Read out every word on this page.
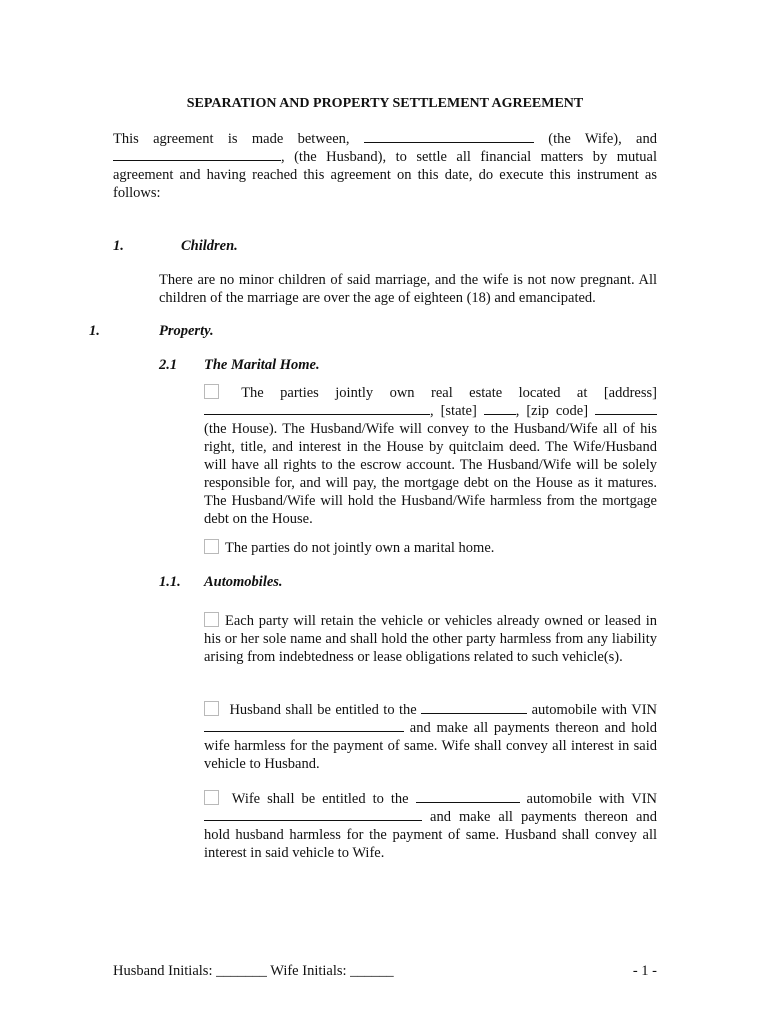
SEPARATION AND PROPERTY SETTLEMENT AGREEMENT
This agreement is made between,	(the Wife), and , (the Husband), to settle all financial matters by mutual agreement and having reached this agreement on this date, do execute this instrument as follows:
1.	Children.
There are no minor children of said marriage, and the wife is not now pregnant. All children of the marriage are over the age of eighteen (18) and emancipated.
1.	Property.
2.1 The Marital Home.
The parties jointly own real estate located at [address] , [state]	, [zip code]  (the House). The Husband/Wife will convey to the Husband/Wife all of his right, title, and interest in the House by quitclaim deed. The Wife/Husband will have all rights to the escrow account. The Husband/Wife will be solely responsible for, and will pay, the mortgage debt on the House as it matures. The Husband/Wife will hold the Husband/Wife harmless from the mortgage debt on the House.
The parties do not jointly own a marital home.
1.1. Automobiles.
Each party will retain the vehicle or vehicles already owned or leased in his or her sole name and shall hold the other party harmless from any liability arising from indebtedness or lease obligations related to such vehicle(s).
Husband shall be entitled to the	automobile with VIN  and make all payments thereon and hold wife harmless for the payment of same. Wife shall convey all interest in said vehicle to Husband.
Wife shall be entitled to the	automobile with VIN  and make all payments thereon and hold husband harmless for the payment of same. Husband shall convey all interest in said vehicle to Wife.
Husband Initials: _______ Wife Initials: ______	- 1 -
